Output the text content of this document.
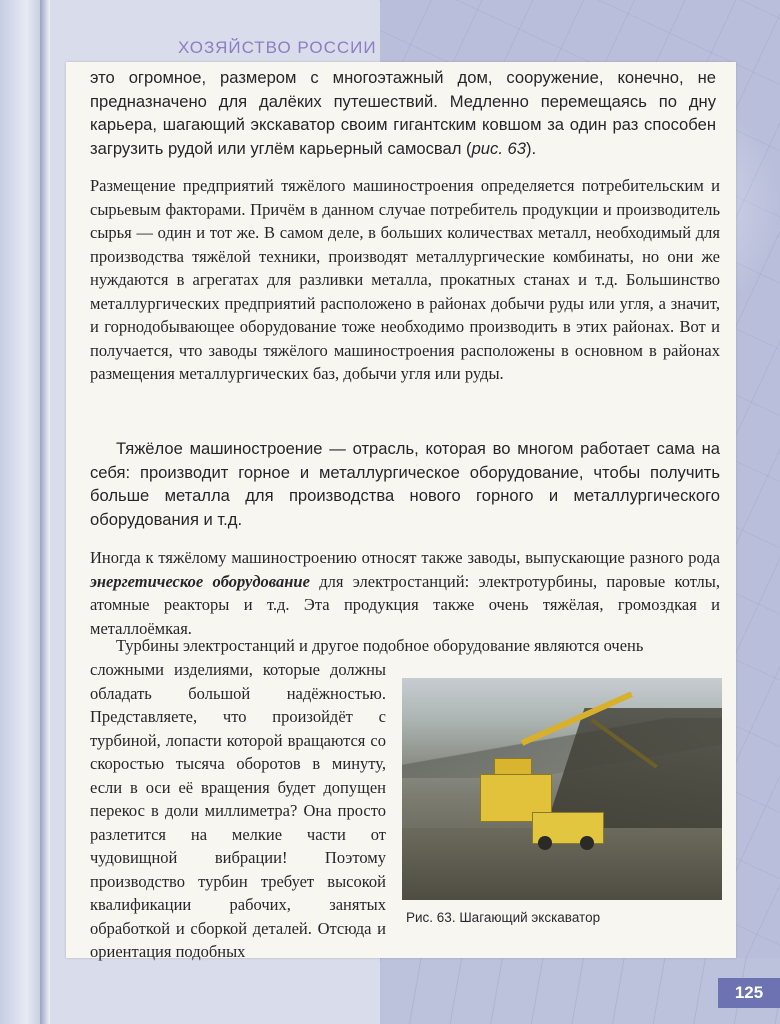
ХОЗЯЙСТВО РОССИИ

это огромное, размером с многоэтажный дом, сооружение, конечно, не предназначено для далёких путешествий. Медленно перемещаясь по дну карьера, шагающий экскаватор своим гигантским ковшом за один раз способен загрузить рудой или углём карьерный самосвал (рис. 63).

Размещение предприятий тяжёлого машиностроения определяется потребительским и сырьевым факторами. Причём в данном случае потребитель продукции и производитель сырья — один и тот же. В самом деле, в больших количествах металл, необходимый для производства тяжёлой техники, производят металлургические комбинаты, но они же нуждаются в агрегатах для разливки металла, прокатных станах и т.д. Большинство металлургических предприятий расположено в районах добычи руды или угля, а значит, и горнодобывающее оборудование тоже необходимо производить в этих районах. Вот и получается, что заводы тяжёлого машиностроения расположены в основном в районах размещения металлургических баз, добычи угля или руды.

Тяжёлое машиностроение — отрасль, которая во многом работает сама на себя: производит горное и металлургическое оборудование, чтобы получить больше металла для производства нового горного и металлургического оборудования и т.д.

Иногда к тяжёлому машиностроению относят также заводы, выпускающие разного рода энергетическое оборудование для электростанций: электротурбины, паровые котлы, атомные реакторы и т.д. Эта продукция также очень тяжёлая, громоздкая и металлоёмкая.

Турбины электростанций и другое подобное оборудование являются очень

сложными изделиями, которые должны обладать большой надёжностью. Представляете, что произойдёт с турбиной, лопасти которой вращаются со скоростью тысяча оборотов в минуту, если в оси её вращения будет допущен перекос в доли миллиметра? Она просто разлетится на мелкие части от чудовищной вибрации! Поэтому производство турбин требует высокой квалификации рабочих, занятых обработкой и сборкой деталей. Отсюда и ориентация подобных

Рис. 63. Шагающий экскаватор
125
